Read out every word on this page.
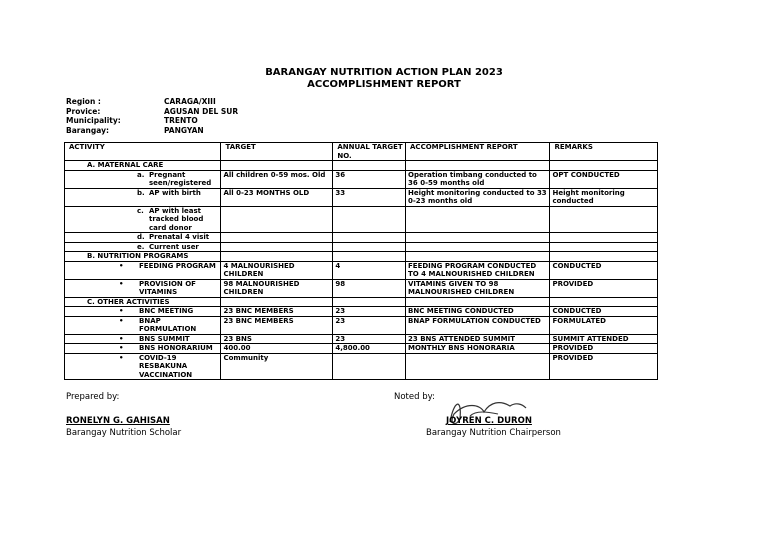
BARANGAY NUTRITION ACTION PLAN 2023
ACCOMPLISHMENT REPORT
Region :	CARAGA/XIII
Provice:	AGUSAN DEL SUR
Municipality:	TRENTO
Barangay:	PANGYAN
ACTIVITY	TARGET	ANNUAL TARGET NO.	ACCOMPLISHMENT REPORT	REMARKS
A. MATERNAL CARE				

a. Pregnant seen/registered	All children 0-59 mos. Old	36	Operation timbang conducted to 36 0-59 months old	OPT CONDUCTED

b. AP with birth	All 0-23 MONTHS OLD	33	Height monitoring conducted to 33 0-23 months old	Height monitoring conducted

c. AP with least tracked blood card donor				

d. Prenatal 4 visit				

e. Current user				

B. NUTRITION PROGRAMS				

• FEEDING PROGRAM	4 MALNOURISHED CHILDREN	4	FEEDING PROGRAM CONDUCTED TO 4 MALNOURISHED CHILDREN	CONDUCTED

• PROVISION OF VITAMINS	98 MALNOURISHED CHILDREN	98	VITAMINS GIVEN TO 98 MALNOURISHED CHILDREN	PROVIDED
C. OTHER ACTIVITIES				

• BNC MEETING	23 BNC MEMBERS	23	BNC MEETING CONDUCTED	CONDUCTED

• BNAP FORMULATION	23 BNC MEMBERS	23	BNAP FORMULATION CONDUCTED	FORMULATED

• BNS SUMMIT	23 BNS	23	23 BNS ATTENDED SUMMIT	SUMMIT ATTENDED

• BNS HONORARIUM	400.00	4,800.00	MONTHLY BNS HONORARIA	PROVIDED

• COVID-19 RESBAKUNA VACCINATION	Community			PROVIDED
Prepared by:
RONELYN G. GAHISAN
Barangay Nutrition Scholar
Noted by:
JOYREN C. DURON
Barangay Nutrition Chairperson
